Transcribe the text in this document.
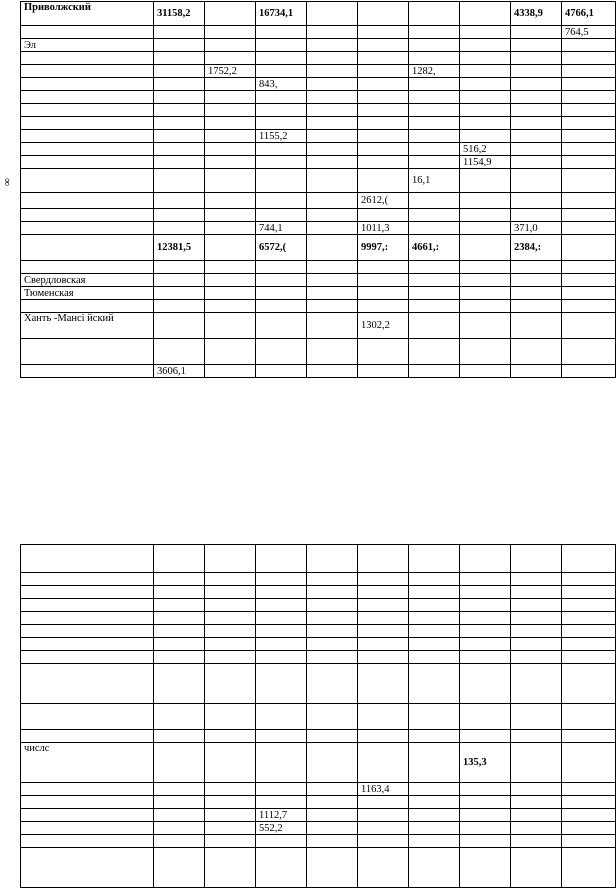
∞
Приволжский	31158,2		16734,1					4338,9	4766,1
									764,5
Эл									

		1752,2				1282,			
			843,						

			1155,2						
							516,2		
							1154,9		
						16,1			
					2612,(				

			744,1		1011,3			371,0	
	12381,5		6572,(		9997,:	4661,:		2384,:	

Свердловская									
Тюменская									

Ханть -Мансі йский					1302,2				

	3606,1								

числс							135,3		
					1163,4				

			1112,7						
			552,2						
